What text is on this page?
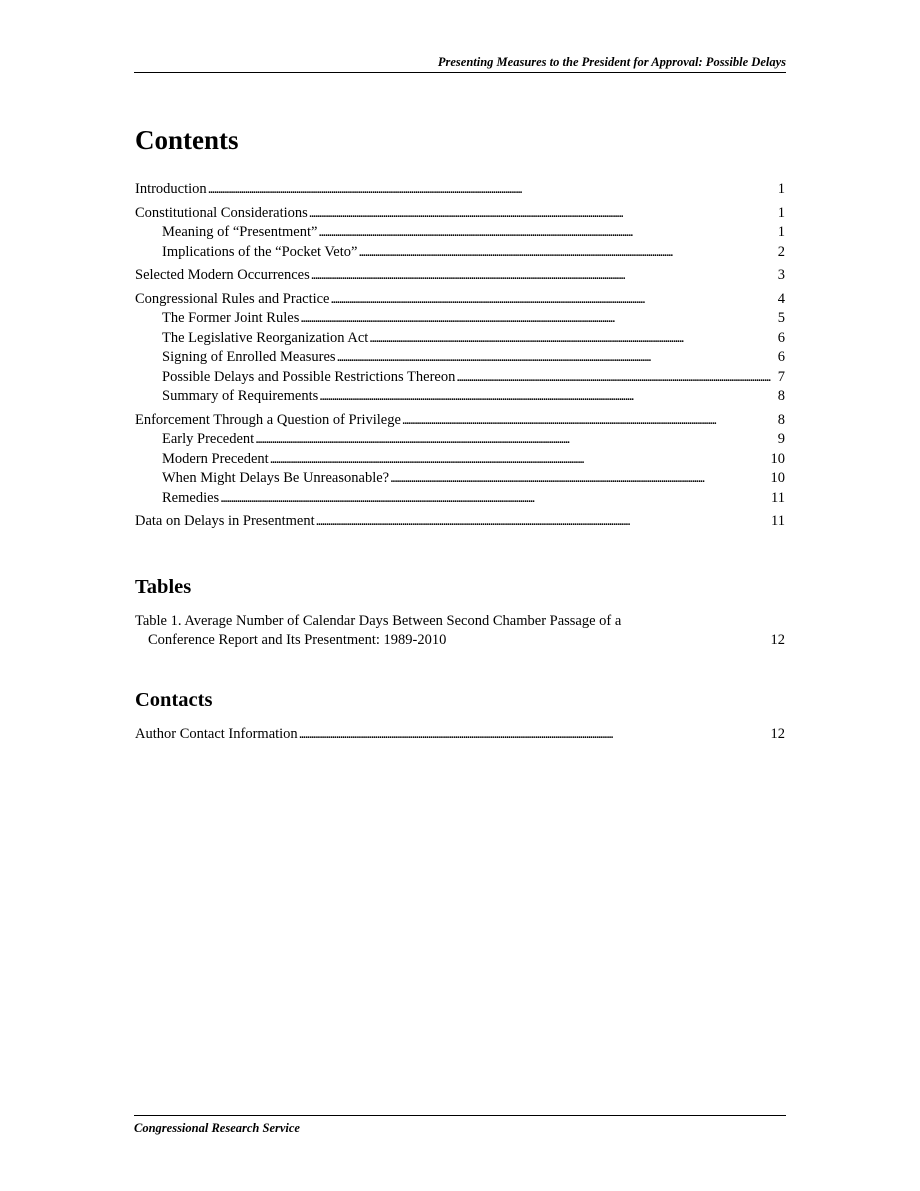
Presenting Measures to the President for Approval: Possible Delays
Contents
Introduction . . .	1
Constitutional Considerations . . .	1
Meaning of “Presentment” . . .	1
Implications of the “Pocket Veto” . . .	2
Selected Modern Occurrences . . .	3
Congressional Rules and Practice . . .	4
The Former Joint Rules . . .	5
The Legislative Reorganization Act . . .	6
Signing of Enrolled Measures . . .	6
Possible Delays and Possible Restrictions Thereon . . .	7
Summary of Requirements . . .	8
Enforcement Through a Question of Privilege . . .	8
Early Precedent . . .	9
Modern Precedent . . .	10
When Might Delays Be Unreasonable? . . .	10
Remedies . . .	11
Data on Delays in Presentment . . .	11
Tables
Table 1. Average Number of Calendar Days Between Second Chamber Passage of a
Conference Report and Its Presentment: 1989-2010	12
Contacts
Author Contact Information . . .	12
Congressional Research Service
